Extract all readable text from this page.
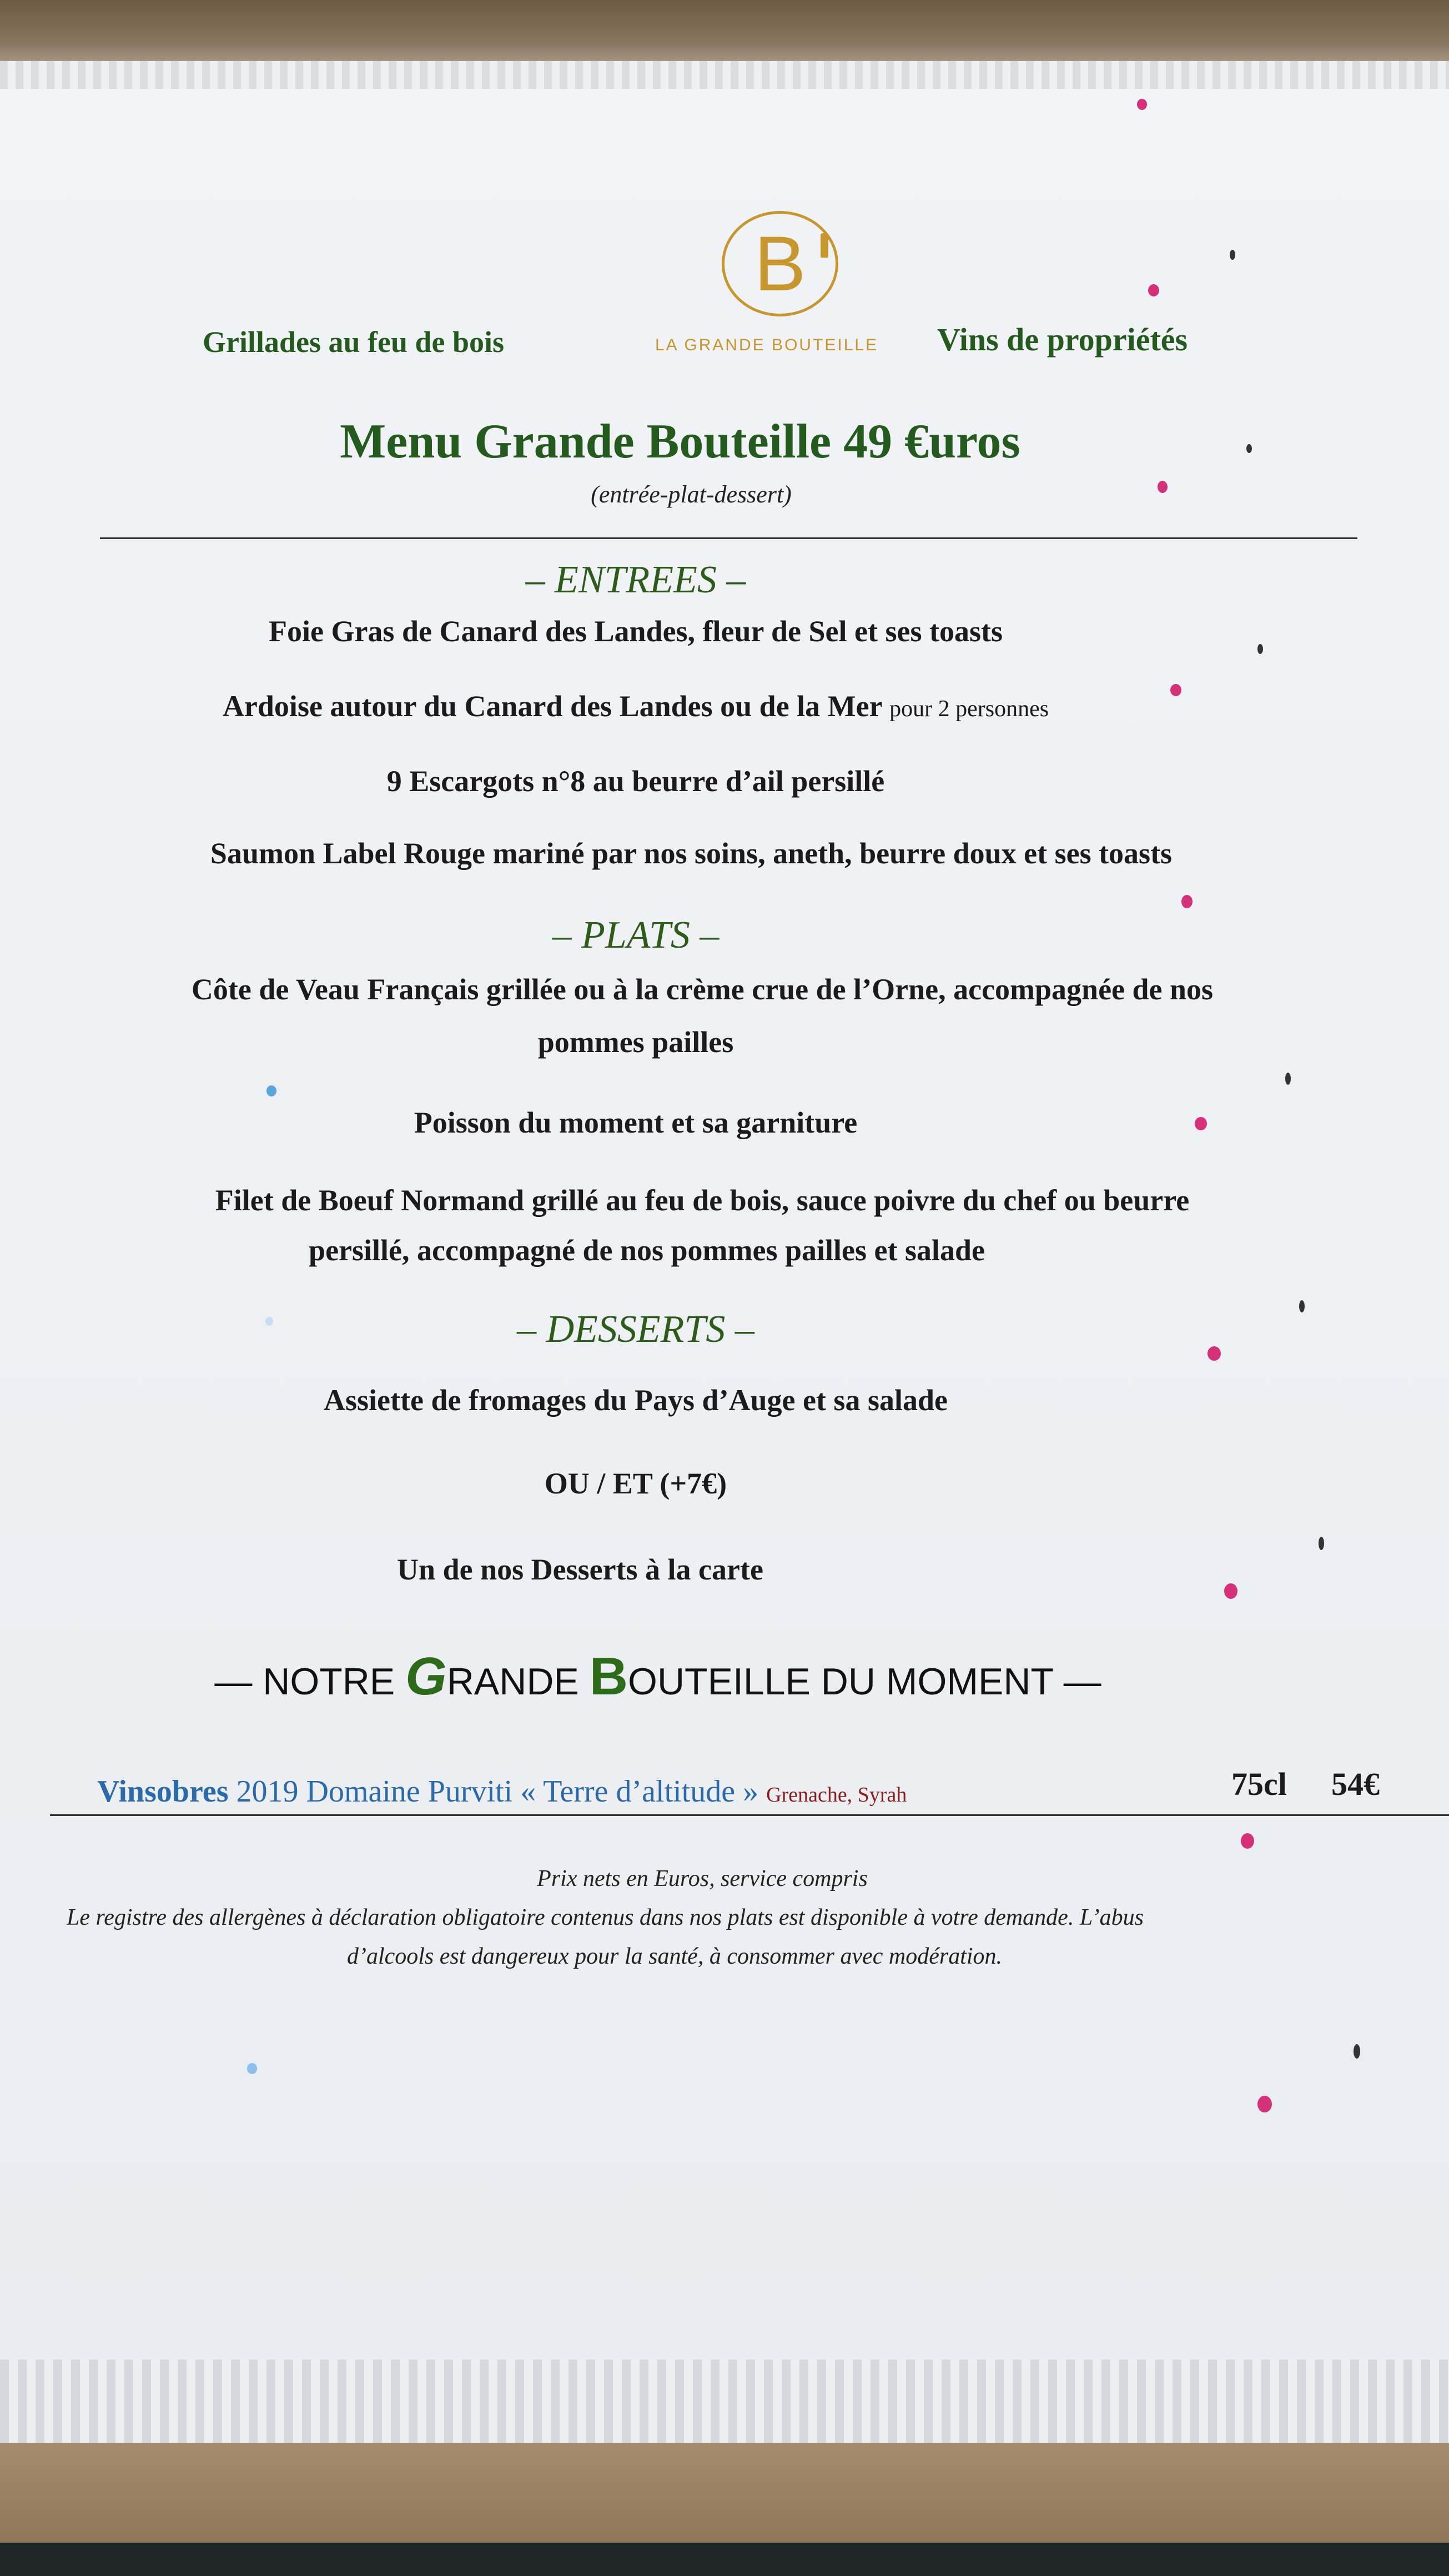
B
Grillades au feu de bois	LA GRANDE BOUTEILLE	Vins de propriétés
Menu Grande Bouteille 49 €uros
(entrée-plat-dessert)
– ENTREES –
Foie Gras de Canard des Landes, fleur de Sel et ses toasts
Ardoise autour du Canard des Landes ou de la Mer pour 2 personnes
9 Escargots n°8 au beurre d’ail persillé
Saumon Label Rouge mariné par nos soins, aneth, beurre doux et ses toasts
– PLATS –
Côte de Veau Français grillée ou à la crème crue de l’Orne, accompagnée de nos
pommes pailles
Poisson du moment et sa garniture
Filet de Boeuf Normand grillé au feu de bois, sauce poivre du chef ou beurre
persillé, accompagné de nos pommes pailles et salade
– DESSERTS –
Assiette de fromages du Pays d’Auge et sa salade
OU / ET (+7€)
Un de nos Desserts à la carte
— NOTRE GRANDE BOUTEILLE DU MOMENT —
Vinsobres 2019 Domaine Purviti « Terre d’altitude » Grenache, Syrah	75cl 54€
Prix nets en Euros, service compris
Le registre des allergènes à déclaration obligatoire contenus dans nos plats est disponible à votre demande. L’abus
d’alcools est dangereux pour la santé, à consommer avec modération.
